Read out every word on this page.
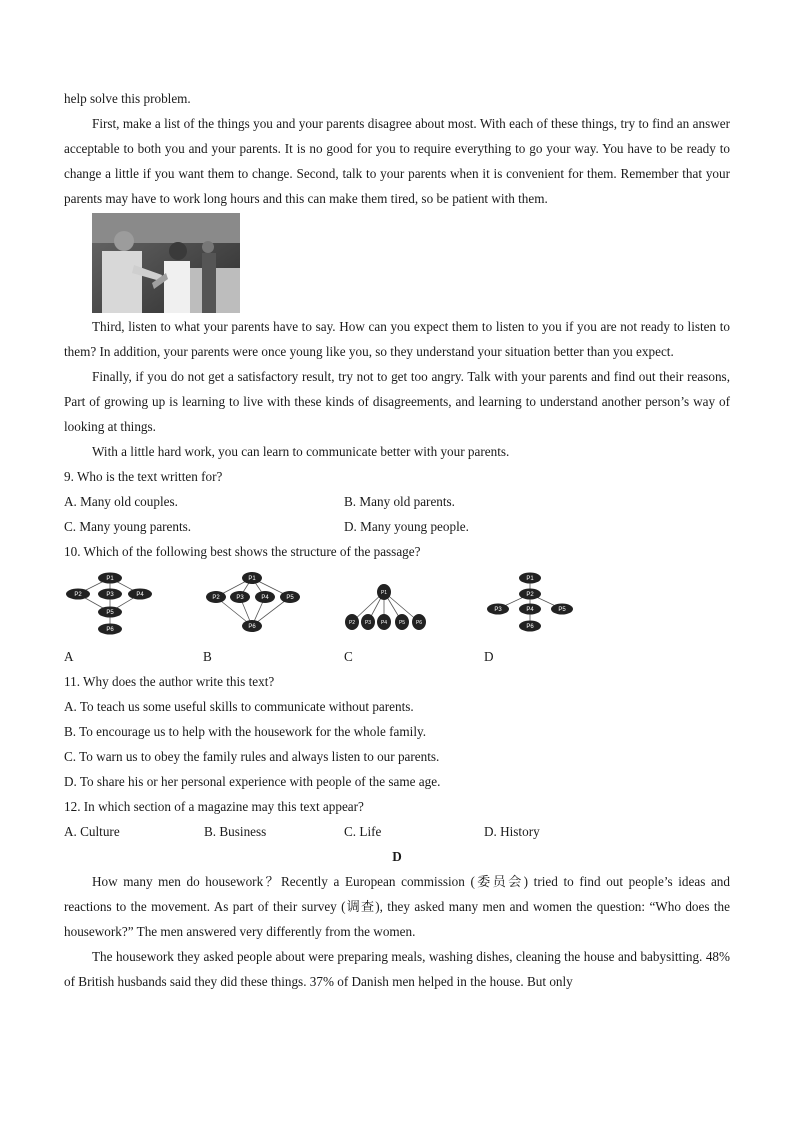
help solve this problem.

First, make a list of the things you and your parents disagree about most. With each of these things, try to find an answer acceptable to both you and your parents. It is no good for you to require everything to go your way. You have to be ready to change a little if you want them to change. Second, talk to your parents when it is convenient for them. Remember that your parents may have to work long hours and this can make them tired, so be patient with them.

Third, listen to what your parents have to say. How can you expect them to listen to you if you are not ready to listen to them? In addition, your parents were once young like you, so they understand your situation better than you expect.

Finally, if you do not get a satisfactory result, try not to get too angry. Talk with your parents and find out their reasons, Part of growing up is learning to live with these kinds of disagreements, and learning to understand another person’s way of looking at things.

With a little hard work, you can learn to communicate better with your parents.

9. Who is the text written for?
A. Many old couples.	B. Many old parents.
C. Many young parents.	D. Many young people.
10. Which of the following best shows the structure of the passage?
P1
P2	P3	P4
P5
P6
P1
P2	P3	P4	P5
P6
P1
P2 P3 P4 P5 P6
P1
P2
P3	P4	P5
P6
A	B	C	D
11. Why does the author write this text?
A. To teach us some useful skills to communicate without parents.
B. To encourage us to help with the housework for the whole family.
C. To warn us to obey the family rules and always listen to our parents.
D. To share his or her personal experience with people of the same age.
12. In which section of a magazine may this text appear?
A. Culture	B. Business	C. Life	D. History
D

How many men do housework？Recently a European commission (委员会) tried to find out people’s ideas and reactions to the movement. As part of their survey (调查), they asked many men and women the question: “Who does the housework?” The men answered very differently from the women.

The housework they asked people about were preparing meals, washing dishes, cleaning the house and babysitting. 48% of British husbands said they did these things. 37% of Danish men helped in the house. But only
